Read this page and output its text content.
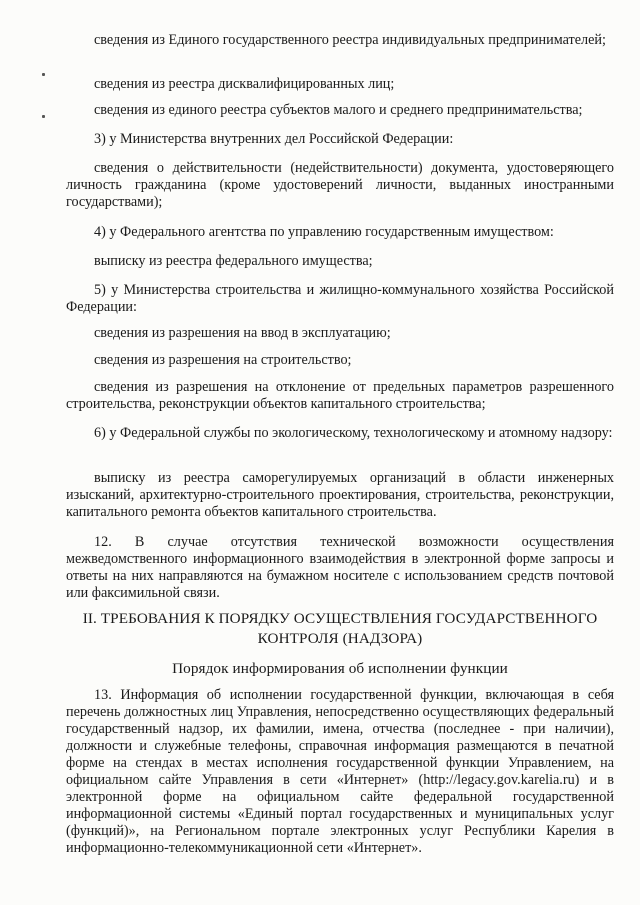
сведения из Единого государственного реестра индивидуальных предпринимателей;
сведения из реестра дисквалифицированных лиц;
сведения из единого реестра субъектов малого и среднего предпринимательства;
3) у Министерства внутренних дел Российской Федерации:
сведения о действительности (недействительности) документа, удостоверяющего личность гражданина (кроме удостоверений личности, выданных иностранными государствами);
4) у Федерального агентства по управлению государственным имуществом:
выписку из реестра федерального имущества;
5) у Министерства строительства и жилищно-коммунального хозяйства Российской Федерации:
сведения из разрешения на ввод в эксплуатацию;
сведения из разрешения на строительство;
сведения из разрешения на отклонение от предельных параметров разрешенного строительства, реконструкции объектов капитального строительства;
6) у Федеральной службы по экологическому, технологическому и атомному надзору:
выписку из реестра саморегулируемых организаций в области инженерных изысканий, архитектурно-строительного проектирования, строительства, реконструкции, капитального ремонта объектов капитального строительства.
12. В случае отсутствия технической возможности осуществления межведомственного информационного взаимодействия в электронной форме запросы и ответы на них направляются на бумажном носителе с использованием средств почтовой или факсимильной связи.
II. ТРЕБОВАНИЯ К ПОРЯДКУ ОСУЩЕСТВЛЕНИЯ ГОСУДАРСТВЕННОГО КОНТРОЛЯ (НАДЗОРА)
Порядок информирования об исполнении функции
13. Информация об исполнении государственной функции, включающая в себя перечень должностных лиц Управления, непосредственно осуществляющих федеральный государственный надзор, их фамилии, имена, отчества (последнее - при наличии), должности и служебные телефоны, справочная информация размещаются в печатной форме на стендах в местах исполнения государственной функции Управлением, на официальном сайте Управления в сети «Интернет» (http://legacy.gov.karelia.ru) и в электронной форме на официальном сайте федеральной государственной информационной системы «Единый портал государственных и муниципальных услуг (функций)», на Региональном портале электронных услуг Республики Карелия в информационно-телекоммуникационной сети «Интернет».
